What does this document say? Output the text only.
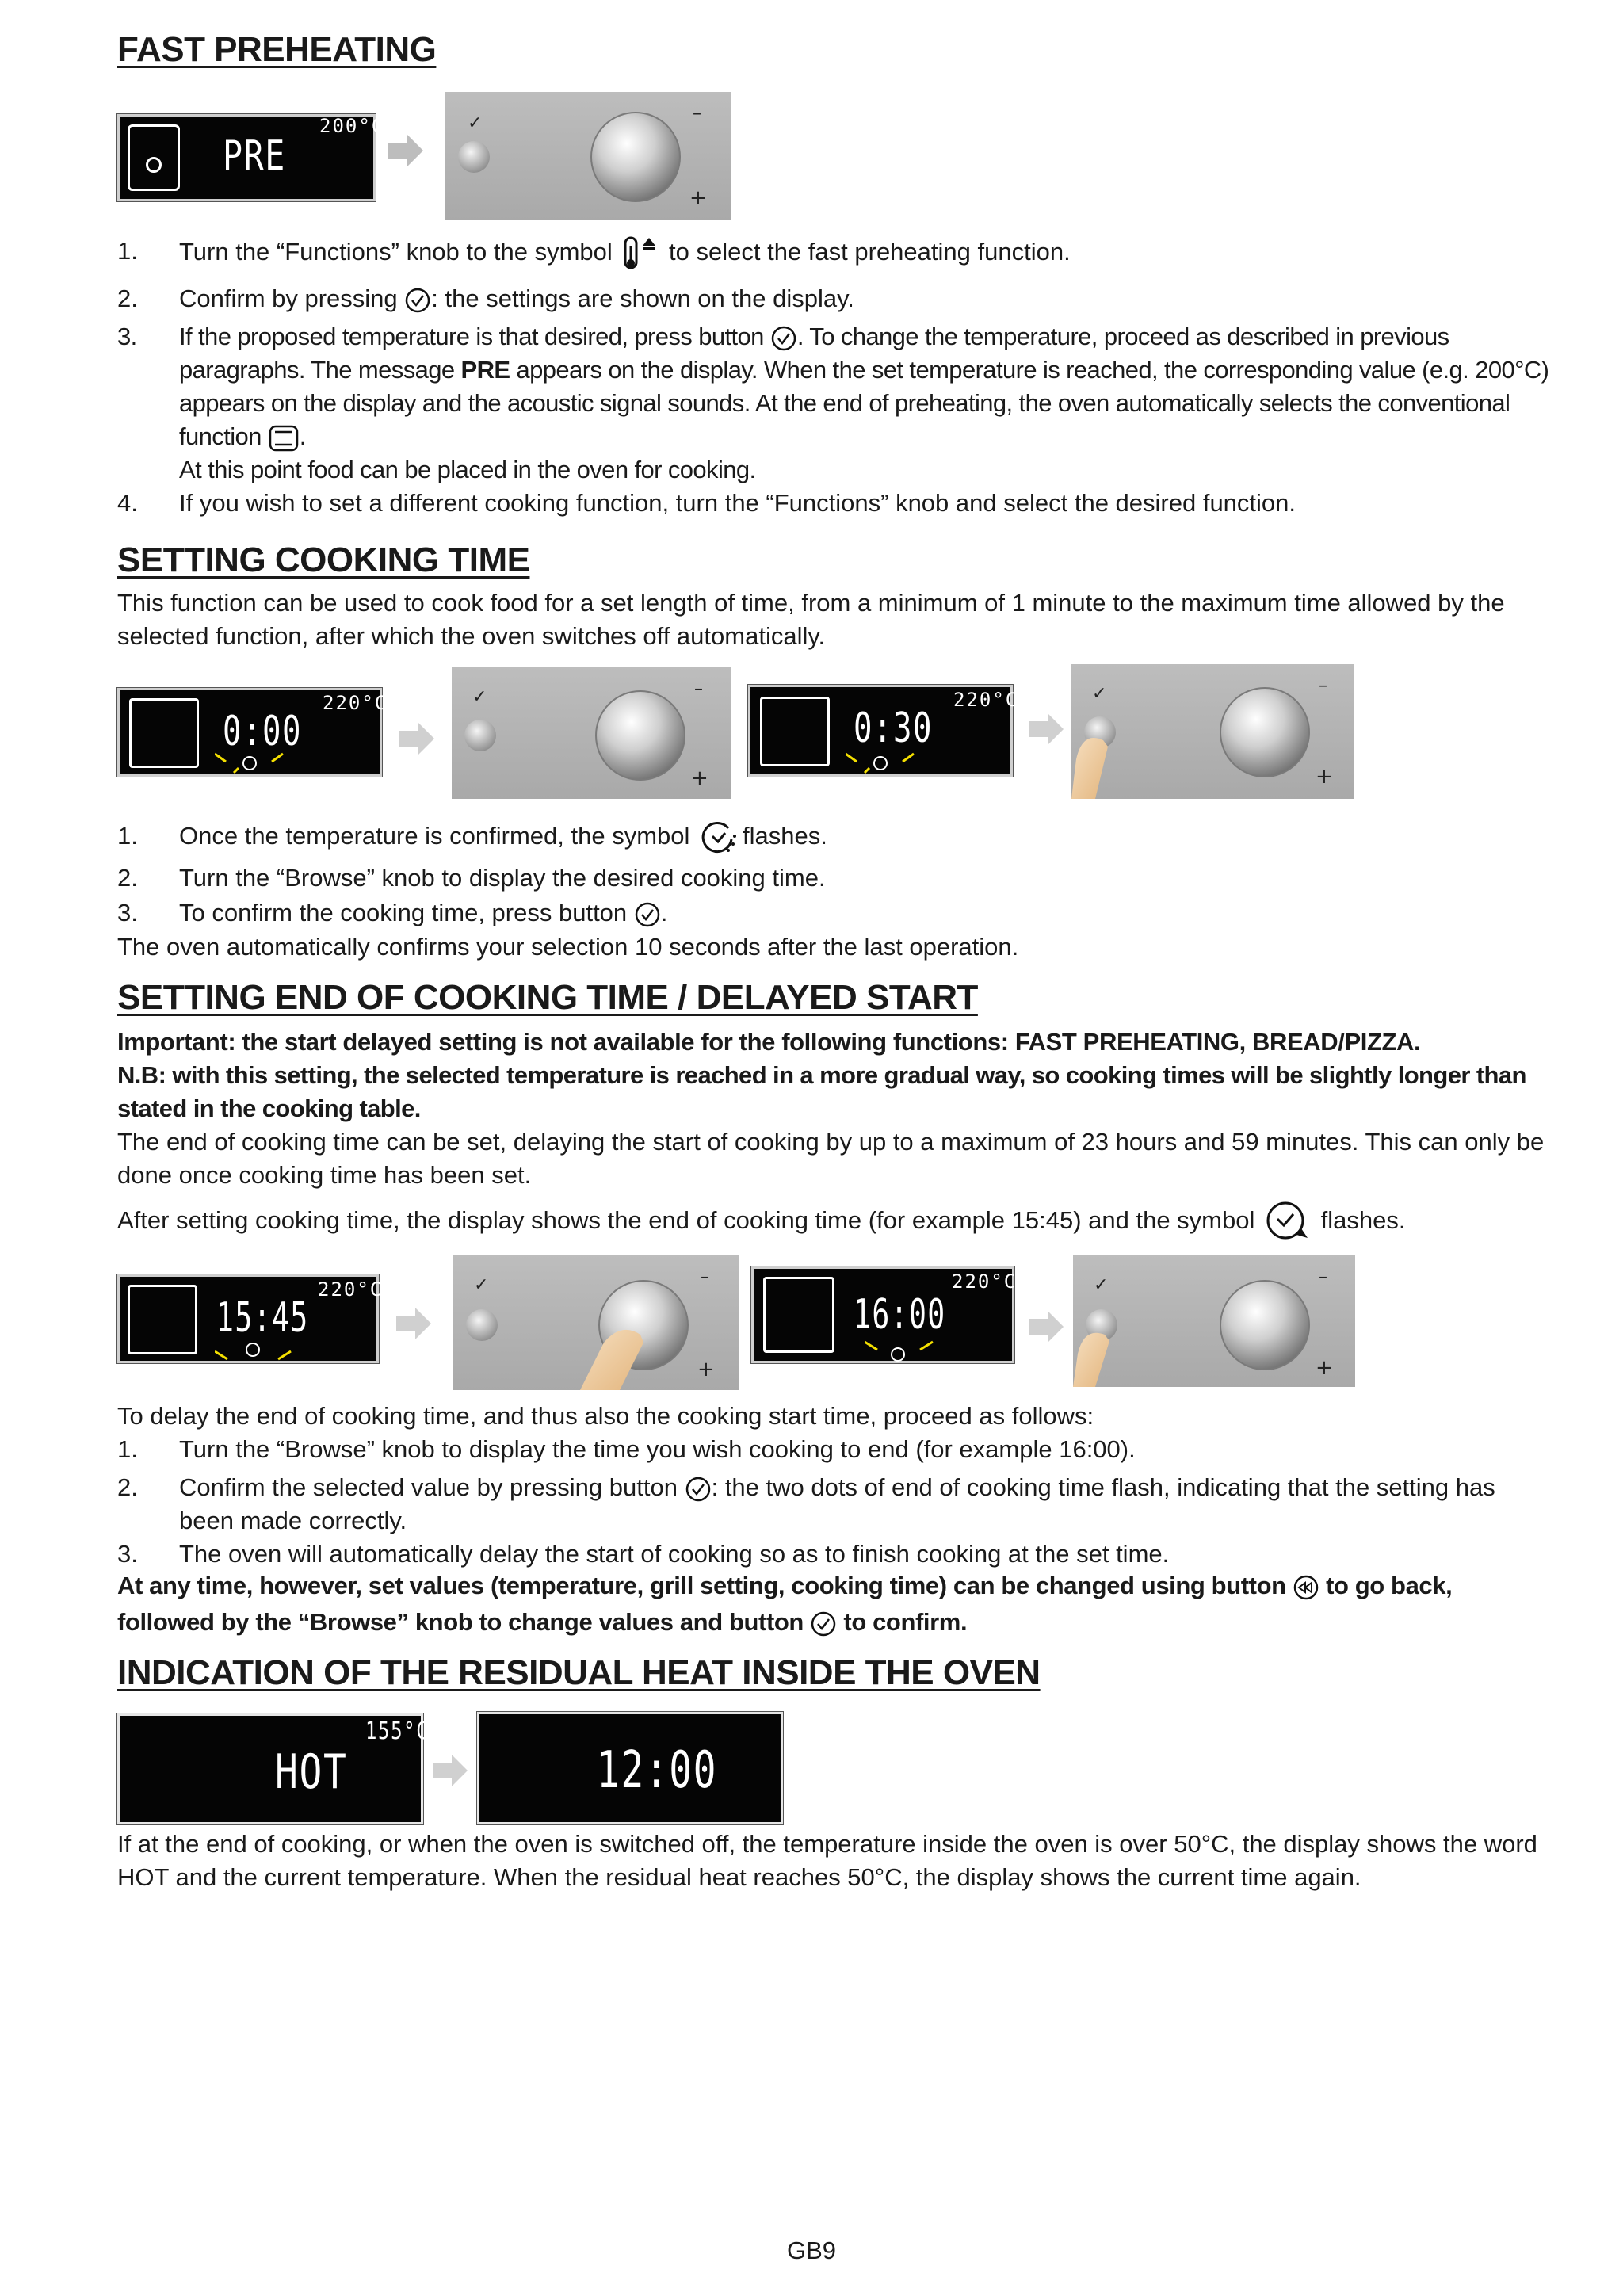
FAST PREHEATING
PRE
200°C	✓	–
+
1.	Turn the “Functions” knob to the symbol to select the fast preheating function.
2.	Confirm by pressing : the settings are shown on the display.
3.	If the proposed temperature is that desired, press button . To change the temperature, proceed as described in previous paragraphs. The message PRE appears on the display. When the set temperature is reached, the corresponding value (e.g. 200°C) appears on the display and the acoustic signal sounds. At the end of preheating, the oven automatically selects the conventional function .
At this point food can be placed in the oven for cooking.
4.	If you wish to set a different cooking function, turn the “Functions” knob and select the desired function.
SETTING COOKING TIME

This function can be used to cook food for a set length of time, from a minimum of 1 minute to the maximum time allowed by the selected function, after which the oven switches off automatically.

0:00
220°C	✓	–
+
0:30
220°C	✓	–
+
1.	Once the temperature is confirmed, the symbol flashes.
2.	Turn the “Browse” knob to display the desired cooking time.
3.	To confirm the cooking time, press button .

The oven automatically confirms your selection 10 seconds after the last operation.

SETTING END OF COOKING TIME / DELAYED START

Important: the start delayed setting is not available for the following functions: FAST PREHEATING, BREAD/PIZZA.

N.B: with this setting, the selected temperature is reached in a more gradual way, so cooking times will be slightly longer than stated in the cooking table.

The end of cooking time can be set, delaying the start of cooking by up to a maximum of 23 hours and 59 minutes. This can only be done once cooking time has been set.

After setting cooking time, the display shows the end of cooking time (for example 15:45) and the symbol	flashes.

15:45
220°C	✓	–
+
16:00
220°C	✓	–
+

To delay the end of cooking time, and thus also the cooking start time, proceed as follows:

1.	Turn the “Browse” knob to display the time you wish cooking to end (for example 16:00).
2.	Confirm the selected value by pressing button : the two dots of end of cooking time flash, indicating that the setting has been made correctly.
3.	The oven will automatically delay the start of cooking so as to finish cooking at the set time.

At any time, however, set values (temperature, grill setting, cooking time) can be changed using button to go back, followed by the “Browse” knob to change values and button to confirm.

INDICATION OF THE RESIDUAL HEAT INSIDE THE OVEN
HOT
155°C
12:00

If at the end of cooking, or when the oven is switched off, the temperature inside the oven is over 50°C, the display shows the word HOT and the current temperature. When the residual heat reaches 50°C, the display shows the current time again.

GB9
